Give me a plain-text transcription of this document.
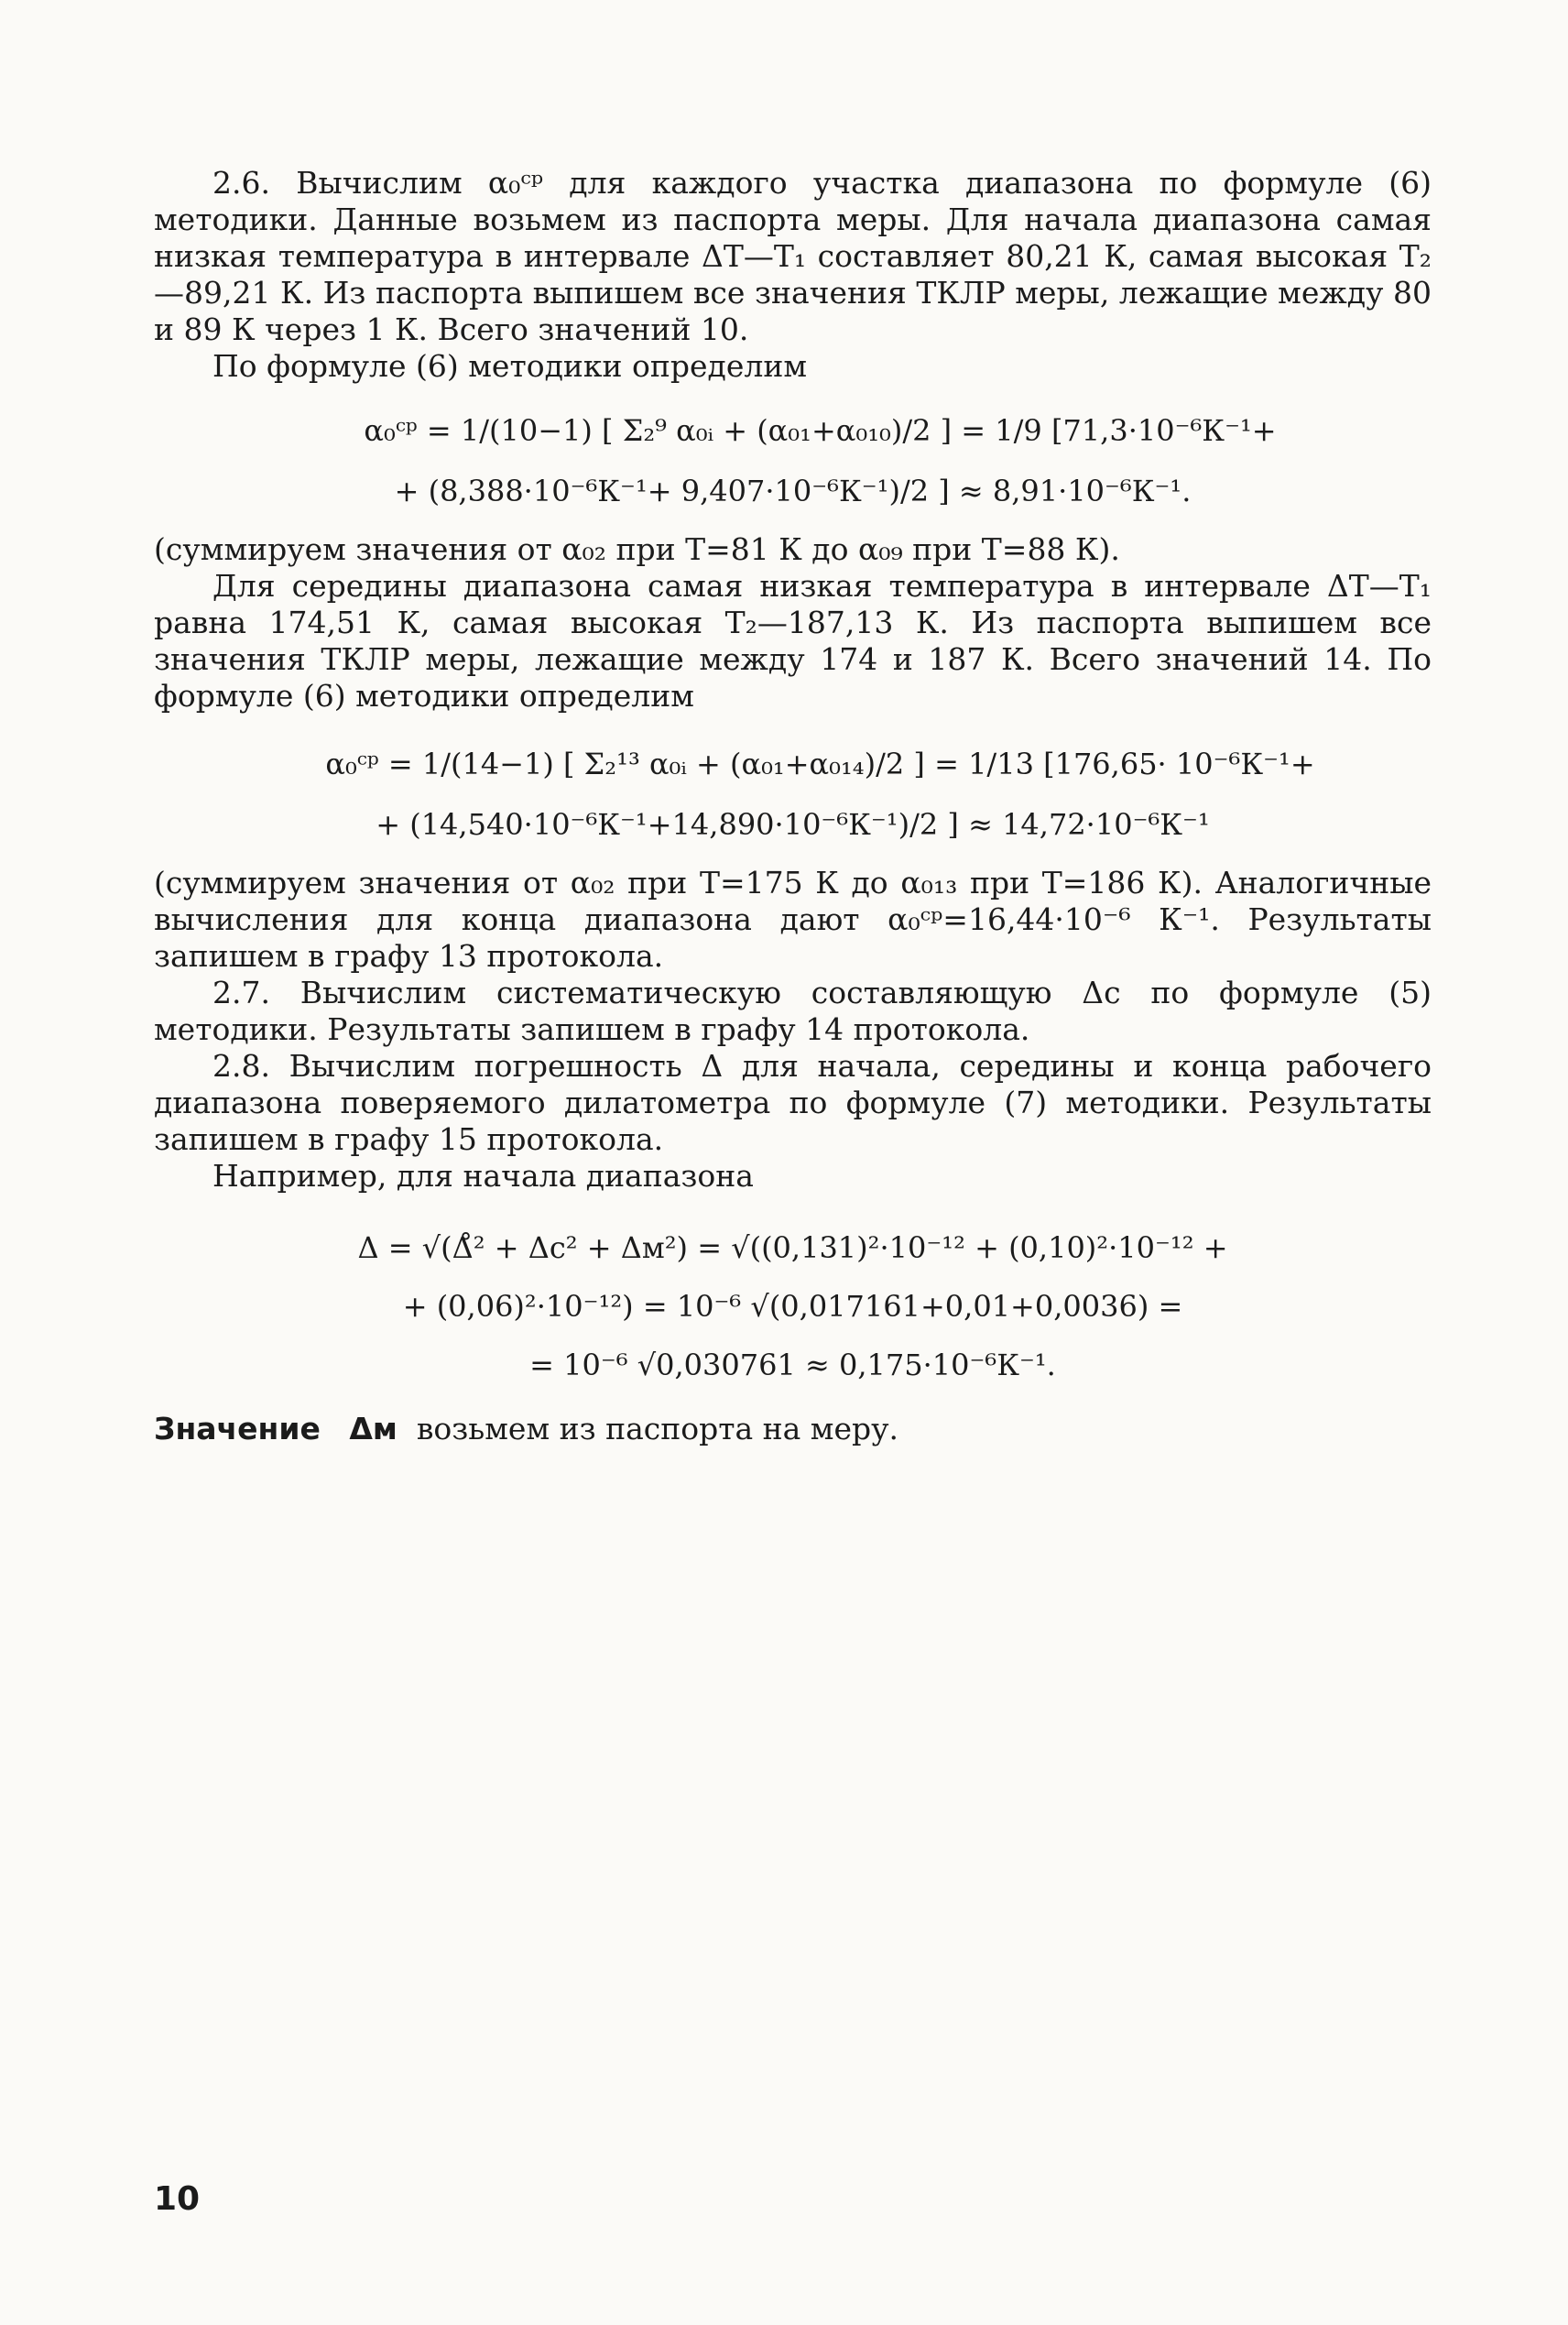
2.6. Вычислим α₀ᶜᵖ для каждого участка диапазона по формуле (6) методики. Данные возьмем из паспорта меры. Для начала диапазона самая низкая температура в интервале ΔT—T₁ составляет 80,21 К, самая высокая T₂—89,21 К. Из паспорта выпишем все значения ТКЛР меры, лежащие между 80 и 89 К через 1 К. Всего значений 10.

По формуле (6) методики определим

α₀ᶜᵖ = 1/(10−1) [ Σ₂⁹ α₀ᵢ + (α₀₁+α₀₁₀)/2 ] = 1/9 [71,3·10⁻⁶К⁻¹+
+ (8,388·10⁻⁶К⁻¹+ 9,407·10⁻⁶К⁻¹)/2 ] ≈ 8,91·10⁻⁶К⁻¹.

(суммируем значения от α₀₂ при T=81 К до α₀₉ при T=88 К).

Для середины диапазона самая низкая температура в интервале ΔT—T₁ равна 174,51 К, самая высокая T₂—187,13 К. Из паспорта выпишем все значения ТКЛР меры, лежащие между 174 и 187 К. Всего значений 14. По формуле (6) методики определим

α₀ᶜᵖ = 1/(14−1) [ Σ₂¹³ α₀ᵢ + (α₀₁+α₀₁₄)/2 ] = 1/13 [176,65· 10⁻⁶К⁻¹+
+ (14,540·10⁻⁶К⁻¹+14,890·10⁻⁶К⁻¹)/2 ] ≈ 14,72·10⁻⁶К⁻¹

(суммируем значения от α₀₂ при T=175 К до α₀₁₃ при T=186 К). Аналогичные вычисления для конца диапазона дают α₀ᶜᵖ=16,44·10⁻⁶ К⁻¹. Результаты запишем в графу 13 протокола.

2.7. Вычислим систематическую составляющую Δc по формуле (5) методики. Результаты запишем в графу 14 протокола.

2.8. Вычислим погрешность Δ для начала, середины и конца рабочего диапазона поверяемого дилатометра по формуле (7) методики. Результаты запишем в графу 15 протокола.

Например, для начала диапазона

Δ = √(Δ̊² + Δc² + Δм²) = √((0,131)²·10⁻¹² + (0,10)²·10⁻¹² +
+ (0,06)²·10⁻¹²) = 10⁻⁶ √(0,017161+0,01+0,0036) =
= 10⁻⁶ √0,030761 ≈ 0,175·10⁻⁶К⁻¹.

Значение Δм возьмем из паспорта на меру.

10
